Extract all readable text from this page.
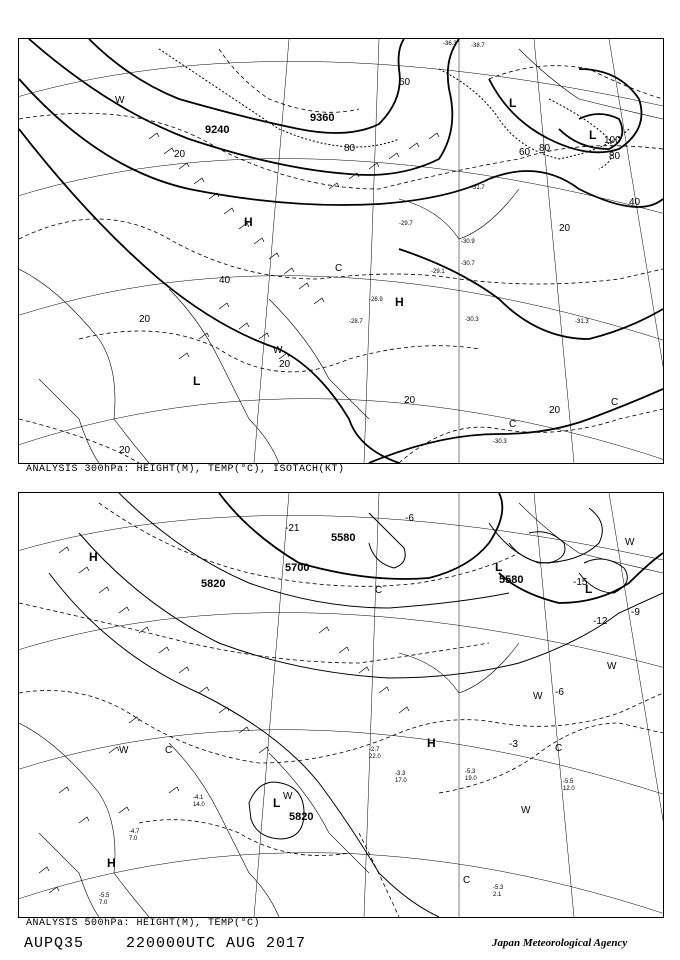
20
20
20
20
20
20
20
40
40
60
60
80	80
80
100
9360
9240
H
H
L
L
L
W
W
C
C
C
-30.3	-31.3
-28.7
-26.9
-29.1
-30.9
-30.7
-30.3
-36.3 -38.7
-31.7
-29.7
ANALYSIS 300hPa: HEIGHT(M), TEMP(°C), ISOTACH(KT)
5700
5820
5820
5580
5580
-3
-6
-6
-9
-12
-15
-21
H
H
H
L
L
L
W
W
W
W
W
W
C
C
C
C
-5.3
19.0	-5.5
12.0
-5.3
2.1
-4.7
7.0
-4.1
14.0
-5.5
7.0
-2.7
22.0
-3.3
17.0
ANALYSIS 500hPa: HEIGHT(M), TEMP(°C)
AUPQ35	220000UTC AUG 2017	Japan Meteorological Agency
